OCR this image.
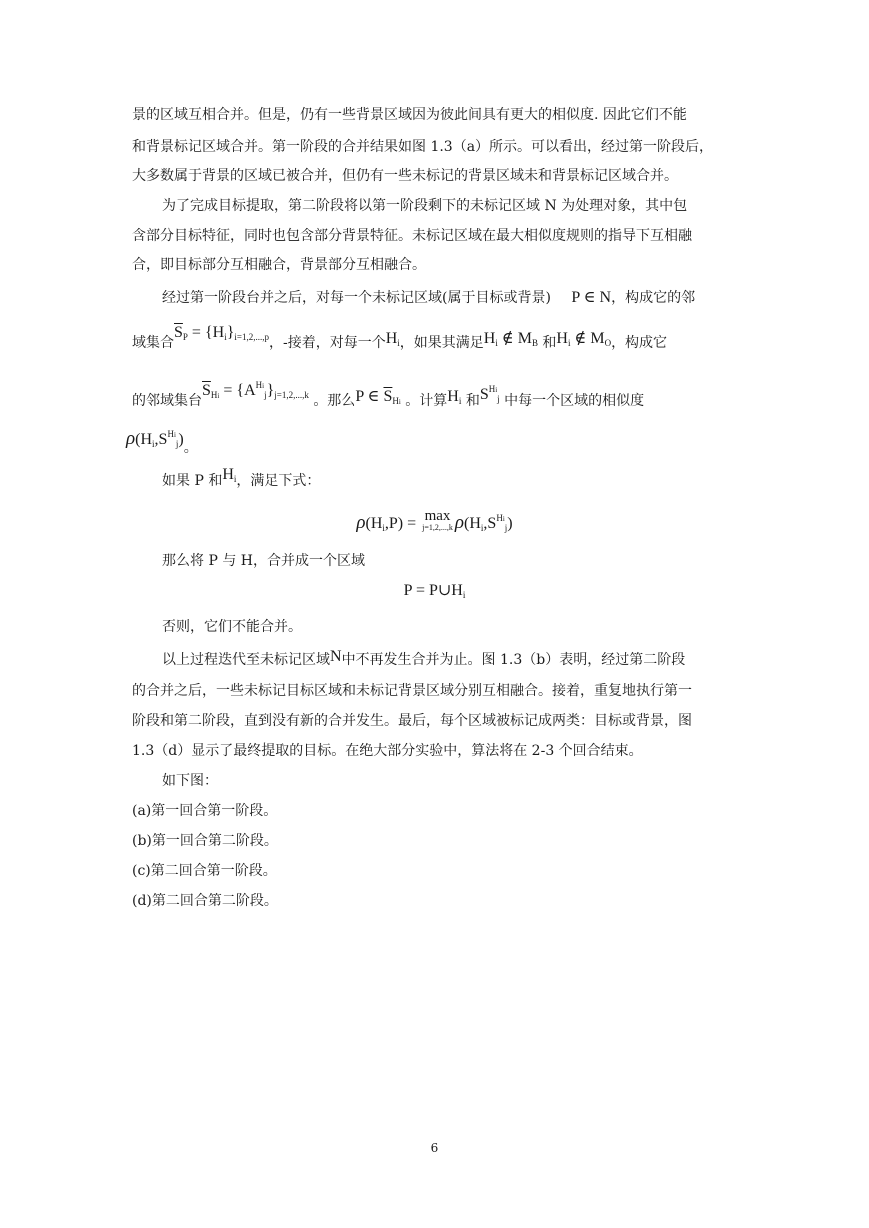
景的区域互相合并。但是，仍有一些背景区域因为彼此间具有更大的相似度. 因此它们不能
和背景标记区域合并。第一阶段的合并结果如图 1.3（a）所示。可以看出，经过第一阶段后，
大多数属于背景的区域已被合并，但仍有一些未标记的背景区域未和背景标记区域合并。
为了完成目标提取，第二阶段将以第一阶段剩下的未标记区域 N 为处理对象，其中包
含部分目标特征，同时也包含部分背景特征。未标记区域在最大相似度规则的指导下互相融
合，即目标部分互相融合，背景部分互相融合。
经过第一阶段台并之后，对每一个未标记区域(属于目标或背景) P ∈ N，构成它的邻
域集合$\overline{S}_P = \{H_i\}_{i=1,2,...,p}$，-接着，对每一个$H_i$，如果其满足$H_i$ ∉ $M_B$ 和$H_i$ ∉ $M_O$，构成它
的邻域集台$\overline{S}_{Hi} = \{A^{Hi}_j\}_{j=1,2,...,k}$ 。那么P ∈ $\overline{S}_{Hi}$ 。计算$H_i$ 和$S^{Hi}_j$ 中每一个区域的相似度
$\rho(H_i,S^{Hi}_j)$。
如果 P 和$H_i$，满足下式：
$\rho(H_i,P) = \max$
j=1,2,...,k $\rho(H_i,S^{Hi}_j)$
那么将 P 与 H，合并成一个区域
$P = P\cup H_i$
否则，它们不能合并。
以上过程迭代至未标记区域N中不再发生合并为止。图 1.3（b）表明，经过第二阶段
的合并之后，一些未标记目标区域和未标记背景区域分别互相融合。接着，重复地执行第一
阶段和第二阶段，直到没有新的合并发生。最后，每个区域被标记成两类：目标或背景，图
1.3（d）显示了最终提取的目标。在绝大部分实验中，算法将在 2-3 个回合结束。
如下图：
(a)第一回合第一阶段。
(b)第一回合第二阶段。
(c)第二回合第一阶段。
(d)第二回合第二阶段。
6
